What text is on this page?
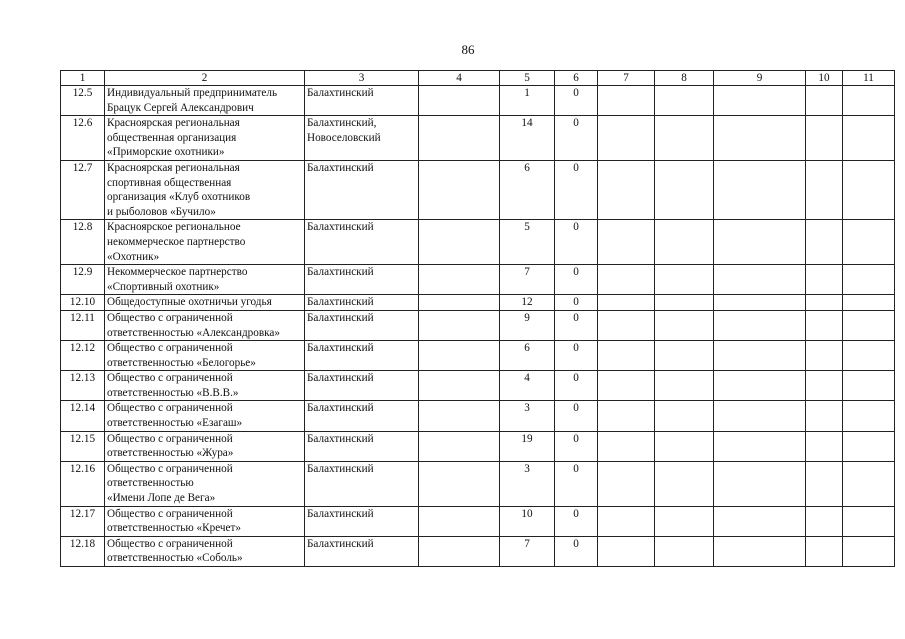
86
1	2	3	4	5	6	7	8	9	10	11
12.5	Индивидуальный предприниматель
Брацук Сергей Александрович	Балахтинский		1	0					
12.6	Красноярская региональная
общественная организация
«Приморские охотники»	Балахтинский,
Новоселовский		14	0					
12.7	Красноярская региональная
спортивная общественная
организация «Клуб охотников
и рыболовов «Бучило»	Балахтинский		6	0					
12.8	Красноярское региональное
некоммерческое партнерство
«Охотник»	Балахтинский		5	0					
12.9	Некоммерческое партнерство
«Спортивный охотник»	Балахтинский		7	0					
12.10	Общедоступные охотничьи угодья	Балахтинский		12	0					
12.11	Общество с ограниченной
ответственностью «Александровка»	Балахтинский		9	0					
12.12	Общество с ограниченной
ответственностью «Белогорье»	Балахтинский		6	0					
12.13	Общество с ограниченной
ответственностью «В.В.В.»	Балахтинский		4	0					
12.14	Общество с ограниченной
ответственностью «Езагаш»	Балахтинский		3	0					
12.15	Общество с ограниченной
ответственностью «Жура»	Балахтинский		19	0					
12.16	Общество с ограниченной
ответственностью
«Имени Лопе де Вега»	Балахтинский		3	0					
12.17	Общество с ограниченной
ответственностью «Кречет»	Балахтинский		10	0					
12.18	Общество с ограниченной
ответственностью «Соболь»	Балахтинский		7	0					
